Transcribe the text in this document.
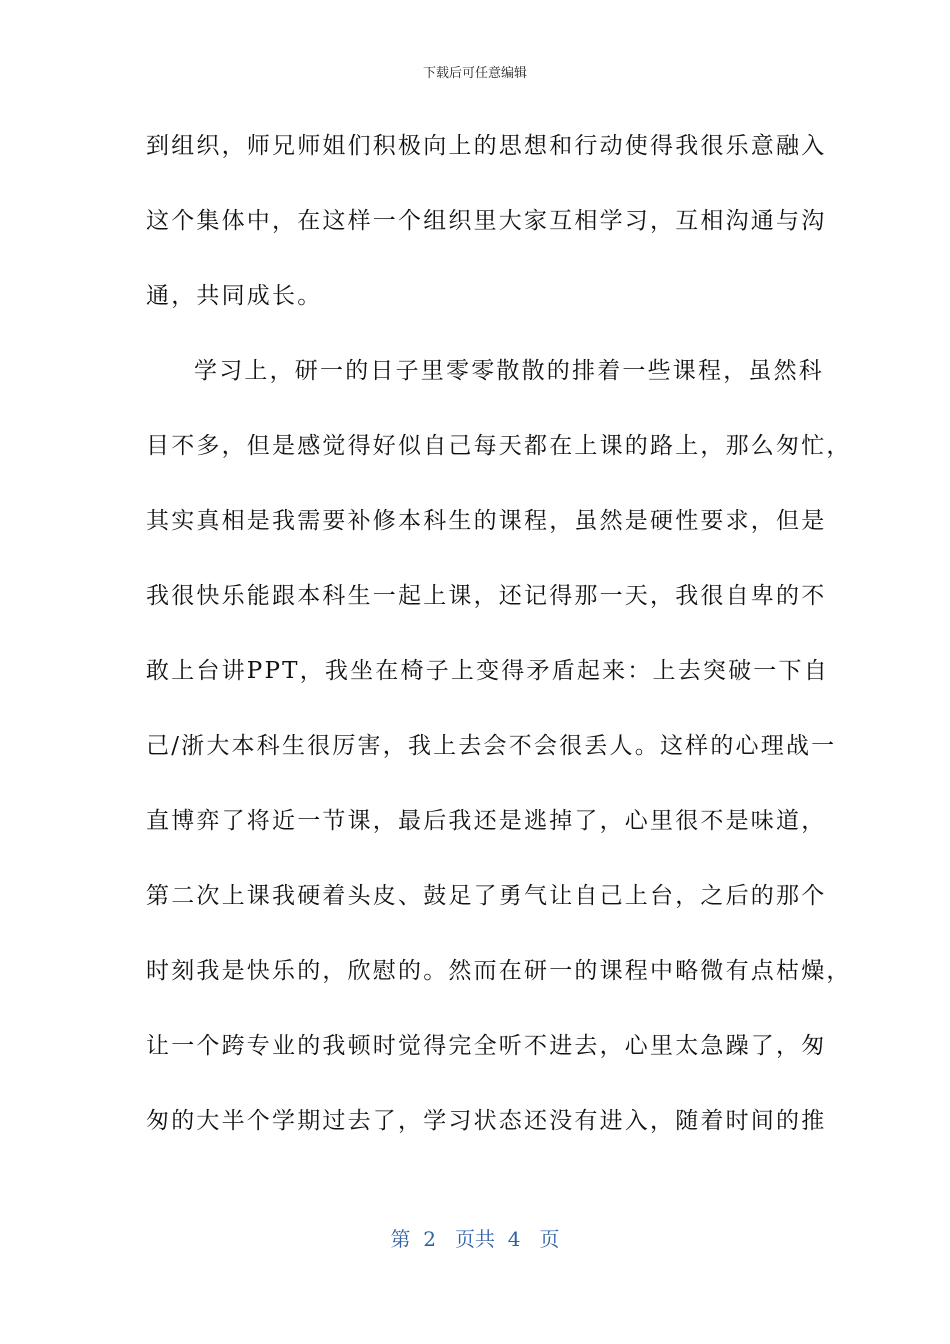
下载后可任意编辑
到组织，师兄师姐们积极向上的思想和行动使得我很乐意融入
这个集体中，在这样一个组织里大家互相学习，互相沟通与沟
通，共同成长。
学习上，研一的日子里零零散散的排着一些课程，虽然科
目不多，但是感觉得好似自己每天都在上课的路上，那么匆忙，
其实真相是我需要补修本科生的课程，虽然是硬性要求，但是
我很快乐能跟本科生一起上课，还记得那一天，我很自卑的不
敢上台讲PPT，我坐在椅子上变得矛盾起来：上去突破一下自
己/浙大本科生很厉害，我上去会不会很丢人。这样的心理战一
直博弈了将近一节课，最后我还是逃掉了，心里很不是味道，
第二次上课我硬着头皮、鼓足了勇气让自己上台，之后的那个
时刻我是快乐的，欣慰的。然而在研一的课程中略微有点枯燥，
让一个跨专业的我顿时觉得完全听不进去，心里太急躁了，匆
匆的大半个学期过去了，学习状态还没有进入，随着时间的推
第  2   页共  4   页
